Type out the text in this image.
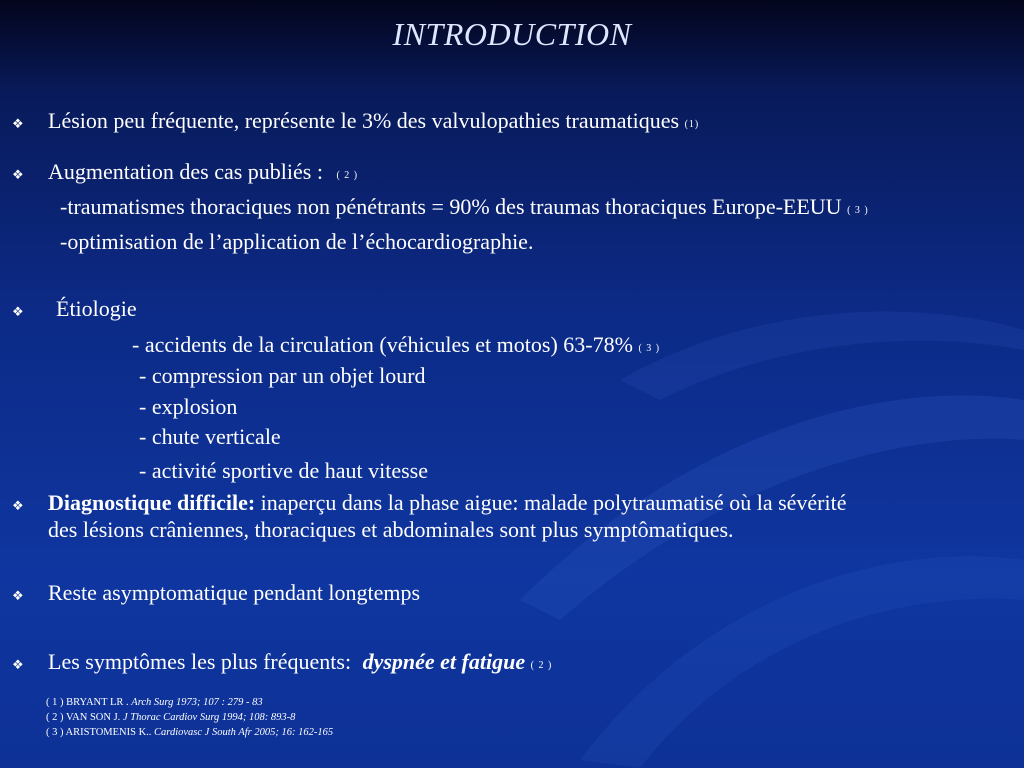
INTRODUCTION
❖ Lésion peu fréquente, représente le 3% des valvulopathies traumatiques (1)
❖ Augmentation des cas publiés : ( 2 )
-traumatismes thoraciques non pénétrants = 90% des traumas thoraciques Europe-EEUU ( 3 )
-optimisation de l’application de l’échocardiographie.
❖ Étiologie
- accidents de la circulation (véhicules et motos) 63-78% ( 3 )
- compression par un objet lourd
- explosion
- chute verticale
- activité sportive de haut vitesse
❖ Diagnostique difficile: inaperçu dans la phase aigue: malade polytraumatisé où la sévérité
des lésions crâniennes, thoraciques et abdominales sont plus symptômatiques.
❖ Reste asymptomatique pendant longtemps
❖ Les symptômes les plus fréquents: dyspnée et fatigue ( 2 )
( 1 ) BRYANT LR . Arch Surg 1973; 107 : 279 - 83
( 2 ) VAN SON J. J Thorac Cardiov Surg 1994; 108: 893-8
( 3 ) ARISTOMENIS K.. Cardiovasc J South Afr 2005; 16: 162-165
